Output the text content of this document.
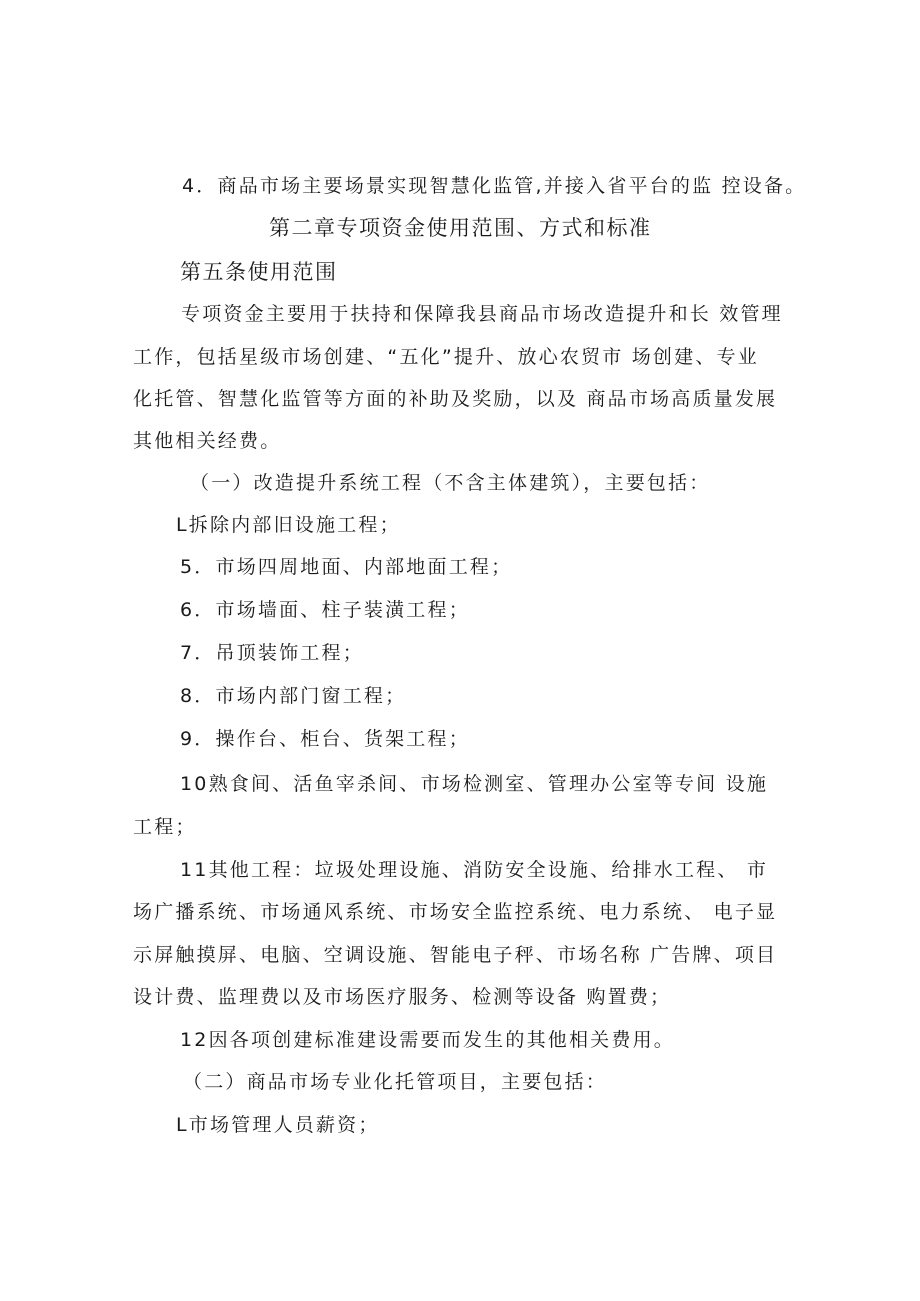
4．商品市场主要场景实现智慧化监管,并接入省平台的监 控设备。
第二章专项资金使用范围、方式和标准
第五条使用范围
专项资金主要用于扶持和保障我县商品市场改造提升和长 效管理
工作，包括星级市场创建、“五化”提升、放心农贸市 场创建、专业
化托管、智慧化监管等方面的补助及奖励，以及 商品市场高质量发展
其他相关经费。
（一）改造提升系统工程（不含主体建筑），主要包括：
L拆除内部旧设施工程；
5．市场四周地面、内部地面工程；
6．市场墙面、柱子装潢工程；
7．吊顶装饰工程；
8．市场内部门窗工程；
9．操作台、柜台、货架工程；
10熟食间、活鱼宰杀间、市场检测室、管理办公室等专间 设施
工程；
11其他工程：垃圾处理设施、消防安全设施、给排水工程、 市
场广播系统、市场通风系统、市场安全监控系统、电力系统、 电子显
示屏触摸屏、电脑、空调设施、智能电子秤、市场名称 广告牌、项目
设计费、监理费以及市场医疗服务、检测等设备 购置费；
12因各项创建标准建设需要而发生的其他相关费用。
（二）商品市场专业化托管项目，主要包括：
L市场管理人员薪资；
